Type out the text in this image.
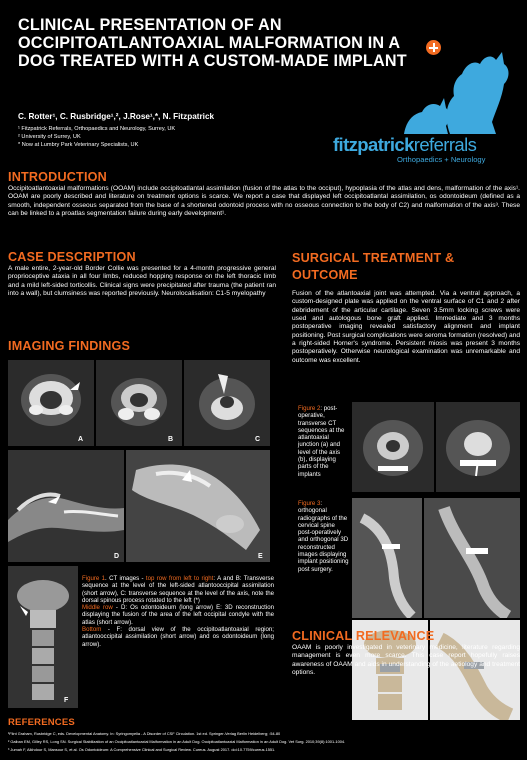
CLINICAL PRESENTATION OF AN OCCIPITOATLANTOAXIAL MALFORMATION IN A DOG TREATED WITH A CUSTOM-MADE IMPLANT
C. Rotter¹, C. Rusbridge¹,², J.Rose¹,*, N. Fitzpatrick
¹ Fitzpatrick Referrals, Orthopaedics and Neurology, Surrey, UK
² University of Surrey, UK
* Now at Lumbry Park Veterinary Specialists, UK	fitzpatrickreferrals
Orthopaedics + Neurology
INTRODUCTION
Occipitoatlantoaxial malformations (OOAM) include occipitoatlantal assimilation (fusion of the atlas to the occiput), hypoplasia of the atlas and dens, malformation of the axis¹. OOAM are poorly described and literature on treatment options is scarce. We report a case that displayed left occipitoatlantal assimilation, os odontoideum (defined as a smooth, independent osseous separated from the base of a shortened odontoid process with no osseous connection to the body of C2) and malformation of the axis³. These can be linked to a proatlas segmentation failure during early development¹.
CASE DESCRIPTION
A male entire, 2-year-old Border Collie was presented for a 4-month progressive general proprioceptive ataxia in all four limbs, reduced hopping response on the left thoracic limb and a mild left-sided torticollis. Clinical signs were precipitated after trauma (the patient ran into a wall), but clumsiness was reported previously. Neurolocalisation: C1-5 myelopathy
IMAGING FINDINGS
A	B	C
D	E
F
Figure 1. CT images - top row from left to right: A and B: Transverse sequence at the level of the left-sided atlantooccipital assimilation (short arrow), C: transverse sequence at the level of the axis, note the dorsal spinous process rotated to the left (*)
Middle row - D: Os odontoideum (long arrow) E: 3D reconstruction displaying the fusion of the area of the left occipital condyle with the atlas (short arrow).
Bottom - F: dorsal view of the occipitoatlantoaxial region; atlantooccipital assimilation (short arrow) and os odontoideum (long arrow).
SURGICAL TREATMENT &
OUTCOME
Fusion of the atlantoaxial joint was attempted. Via a ventral approach, a custom-designed plate was applied on the ventral surface of C1 and 2 after debridement of the articular cartilage. Seven 3.5mm locking screws were used and autologous bone graft applied. Immediate and 3 months postoperative imaging revealed satisfactory alignment and implant positioning. Post surgical complications were seroma formation (resolved) and a right-sided Horner's syndrome. Persistent miosis was present 3 months postoperatively. Otherwise neurological examination was unremarkable and outcome was excellent.
Figure 2: post-operative, transverse CT sequences at the atlantoaxial junction (a) and level of the axis (b), displaying parts of the implants
Figure 3: orthogonal radiographs of the cervical spine post-operatively and orthogonal 3D reconstructed images displaying implant positioning post surgery.
CLINICAL RELEVANCE
OAAM is poorly investigated in veterinary medicine, literature regarding management is even more scarce. This case report hopefully raises awareness of OAAM and aids in understanding of the aetiology and treatment options.
REFERENCES
¹Flint Graham, Rusbridge C, eds. Developmental Anatomy. In: Syringomyelia - A Disorder of CSF Circulation. 1st ed. Springer-Verlag Berlin Heidelberg; :54-80
² Galban EM, Gilley RS, Long SN. Surgical Stabilization of an Occipitoatlantoaxial Malformation in an Adult Dog. Occipitoatlantoaxial Malformation in an Adult Dog. Vet Surg. 2010;39(8):1001-1004.
³ Jumah F, Alkhdour S, Mansour S, et al. Os Odontoideum: A Comprehensive Clinical and Surgical Review. Cureus. August 2017. doi:10.7759/cureus.1551.
